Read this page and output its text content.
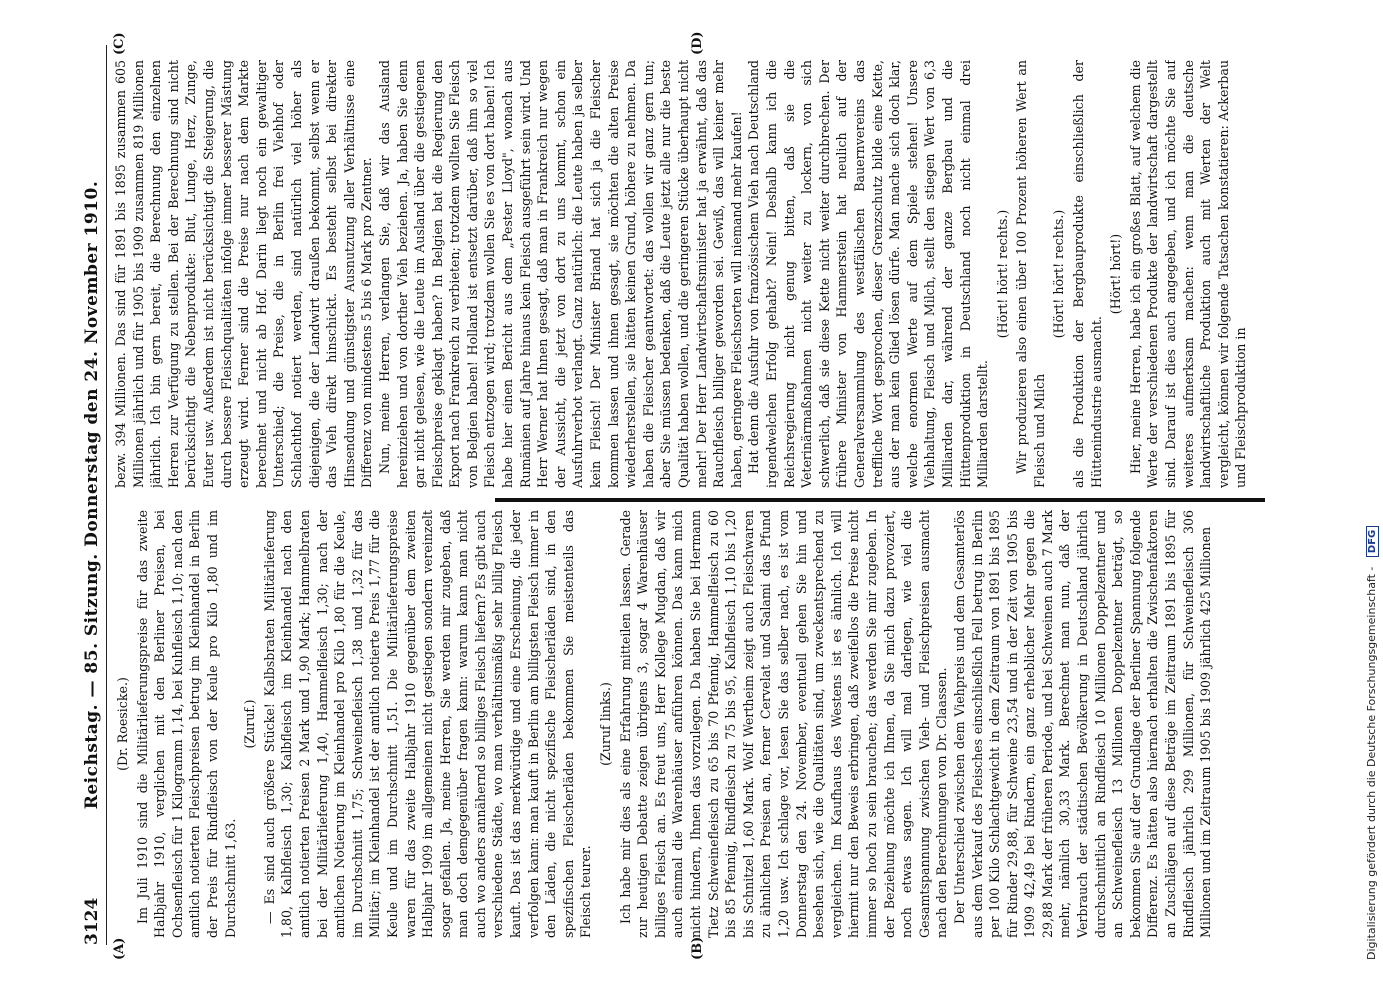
3124
Reichstag. — 85. Sitzung. Donnerstag den 24. November 1910.
(A)	(B)
(C)	(D)

(Dr. Roesicke.) Im Juli 1910 sind die Militärlieferungspreise für das zweite Halbjahr 1910, verglichen mit den Berliner Preisen, bei Ochsenfleisch für 1 Kilogramm 1,14, bei Kuhfleisch 1,10; nach den amtlich notierten Fleischpreisen betrug im Kleinhandel in Berlin der Preis für Rindfleisch von der Keule pro Kilo 1,80 und im Durchschnitt 1,63.

(Zuruf.) — Es sind auch größere Stücke! Kalbsbraten Militärlieferung 1,80, Kalbfleisch 1,30; Kalbfleisch im Kleinhandel nach den amtlich notierten Preisen 2 Mark und 1,90 Mark; Hammelbraten bei der Militärlieferung 1,40, Hammelfleisch 1,30; nach der amtlichen Notierung im Kleinhandel pro Kilo 1,80 für die Keule, im Durchschnitt 1,75; Schweinefleisch 1,38 und 1,32 für das Militär; im Kleinhandel ist der amtlich notierte Preis 1,77 für die Keule und im Durchschnitt 1,51. Die Militärlieferungspreise waren für das zweite Halbjahr 1910 gegenüber dem zweiten Halbjahr 1909 im allgemeinen nicht gestiegen sondern vereinzelt sogar gefallen. Ja, meine Herren, Sie werden mir zugeben, daß man doch demgegenüber fragen kann: warum kann man nicht auch wo anders annähernd so billiges Fleisch liefern? Es gibt auch verschiedene Städte, wo man verhältnismäßig sehr billig Fleisch kauft. Das ist das merkwürdige und eine Erscheinung, die jeder verfolgen kann: man kauft in Berlin am billigsten Fleisch immer in den Läden, die nicht spezifische Fleischerläden sind, in den spezifischen Fleischerläden bekommen Sie meistenteils das Fleisch teurer.

(Zuruf links.) Ich habe mir dies als eine Erfahrung mitteilen lassen. Gerade zur heutigen Debatte zeigen übrigens 3, sogar 4 Warenhäuser billiges Fleisch an. Es freut uns, Herr Kollege Mugdan, daß wir auch einmal die Warenhäuser anführen können. Das kann mich nicht hindern, Ihnen das vorzulegen. Da haben Sie bei Hermann Tietz Schweinefleisch zu 65 bis 70 Pfennig, Hammelfleisch zu 60 bis 85 Pfennig, Rindfleisch zu 75 bis 95, Kalbfleisch 1,10 bis 1,20 bis Schnitzel 1,60 Mark. Wolf Wertheim zeigt auch Fleischwaren zu ähnlichen Preisen an, ferner Cervelat und Salami das Pfund 1,20 usw. Ich schlage vor, lesen Sie das selber nach, es ist vom Donnerstag den 24. November, eventuell gehen Sie hin und besehen sich, wie die Qualitäten sind, um zweckentsprechend zu vergleichen. Im Kaufhaus des Westens ist es ähnlich. Ich will hiermit nur den Beweis erbringen, daß zweifellos die Preise nicht immer so hoch zu sein brauchen; das werden Sie mir zugeben. In der Beziehung möchte ich Ihnen, da Sie mich dazu provoziert, noch etwas sagen. Ich will mal darlegen, wie viel die Gesamtspannung zwischen Vieh- und Fleischpreisen ausmacht nach den Berechnungen von Dr. Claassen. Der Unterschied zwischen dem Viehpreis und dem Gesamterlös aus dem Verkauf des Fleisches einschließlich Fell betrug in Berlin per 100 Kilo Schlachtgewicht in dem Zeitraum von 1891 bis 1895 für Rinder 29,88, für Schweine 23,54 und in der Zeit von 1905 bis 1909 42,49 bei Rindern, ein ganz erheblicher Mehr gegen die 29,88 Mark der früheren Periode, und bei Schweinen auch 7 Mark mehr, nämlich 30,33 Mark. Berechnet man nun, daß der Verbrauch der städtischen Bevölkerung in Deutschland jährlich durchschnittlich an Rindfleisch 10 Millionen Doppelzentner und an Schweinefleisch 13 Millionen Doppelzentner beträgt, so bekommen Sie auf der Grundlage der Berliner Spannung folgende Differenz. Es hätten also hiernach erhalten die Zwischenfaktoren an Zuschlägen auf diese Beträge im Zeitraum 1891 bis 1895 für Rindfleisch jährlich 299 Millionen, für Schweinefleisch 306 Millionen und im Zeitraum 1905 bis 1909 jährlich 425 Millionen

bezw. 394 Millionen. Das sind für 1891 bis 1895 zusammen 605 Millionen jährlich und für 1905 bis 1909 zusammen 819 Millionen jährlich. Ich bin gern bereit, die Berechnung den einzelnen Herren zur Verfügung zu stellen. Bei der Berechnung sind nicht berücksichtigt die Nebenprodukte: Blut, Lunge, Herz, Zunge, Euter usw. Außerdem ist nicht berücksichtigt die Steigerung, die durch bessere Fleischqualitäten infolge immer besserer Mästung erzeugt wird. Ferner sind die Preise nur nach dem Markte berechnet und nicht ab Hof. Darin liegt noch ein gewaltiger Unterschied; die Preise, die in Berlin frei Viehhof oder Schlachthof notiert werden, sind natürlich viel höher als diejenigen, die der Landwirt draußen bekommt, selbst wenn er das Vieh direkt hinschickt. Es besteht selbst bei direkter Hinsendung und günstigster Ausnutzung aller Verhältnisse eine Differenz von mindestens 5 bis 6 Mark pro Zentner. Nun, meine Herren, verlangen Sie, daß wir das Ausland hereinziehen und von dorther Vieh beziehen. Ja, haben Sie denn gar nicht gelesen, wie die Leute im Ausland über die gestiegenen Fleischpreise geklagt haben? In Belgien bat die Regierung den Export nach Frankreich zu verbieten; trotzdem wollten Sie Fleisch von Belgien haben! Holland ist entsetzt darüber, daß ihm so viel Fleisch entzogen wird; trotzdem wollen Sie es von dort haben! Ich habe hier einen Bericht aus dem „Pester Lloyd", wonach aus Rumänien auf Jahre hinaus kein Fleisch ausgeführt sein wird. Und Herr Werner hat Ihnen gesagt, daß man in Frankreich nur wegen der Aussicht, die jetzt von dort zu uns kommt, schon ein Ausfuhrverbot verlangt. Ganz natürlich: die Leute haben ja selber kein Fleisch! Der Minister Briand hat sich ja die Fleischer kommen lassen und ihnen gesagt, sie möchten die alten Preise wiederherstellen, sie hätten keinen Grund, höhere zu nehmen. Da haben die Fleischer geantwortet: das wollen wir ganz gern tun; aber Sie müssen bedenken, daß die Leute jetzt alle nur die beste Qualität haben wollen, und die geringeren Stücke überhaupt nicht mehr! Der Herr Landwirtschaftsminister hat ja erwähnt, daß das Rauchfleisch billiger geworden sei. Gewiß, das will keiner mehr haben, geringere Fleischsorten will niemand mehr kaufen! Hat denn die Ausfuhr von französischem Vieh nach Deutschland irgendwelchen Erfolg gehabt? Nein! Deshalb kann ich die Reichsregierung nicht genug bitten, daß sie die Veterinärmaßnahmen nicht weiter zu lockern, von sich schwerlich, daß sie diese Kette nicht weiter durchbrechen. Der frühere Minister von Hammerstein hat neulich auf der Generalversammlung des westfälischen Bauernvereins das treffliche Wort gesprochen, dieser Grenzschutz bilde eine Kette, aus der man kein Glied lösen dürfe. Man mache sich doch klar, welche enormen Werte auf dem Spiele stehen! Unsere Viehhaltung, Fleisch und Milch, stellt den stiegen Wert von 6,3 Milliarden dar, während der ganze Bergbau und die Hüttenproduktion in Deutschland noch nicht einmal drei Milliarden darstellt.

(Hört! hört! rechts.) Wir produzieren also einen über 100 Prozent höheren Wert an Fleisch und Milch

(Hört! hört! rechts.) als die Produktion der Bergbauprodukte einschließlich der Hüttenindustrie ausmacht.

(Hört! hört!) Hier, meine Herren, habe ich ein großes Blatt, auf welchem die Werte der verschiedenen Produkte der landwirtschaft dargestellt sind. Darauf ist dies auch angegeben, und ich möchte Sie auf weiteres aufmerksam machen: wenn man die deutsche landwirtschaftliche Produktion auch mit Werten der Welt vergleicht, können wir folgende Tatsachen konstatieren: Ackerbau und Fleischproduktion in

Digitalisierung gefördert durch die Deutsche Forschungsgemeinschaft - DFG
